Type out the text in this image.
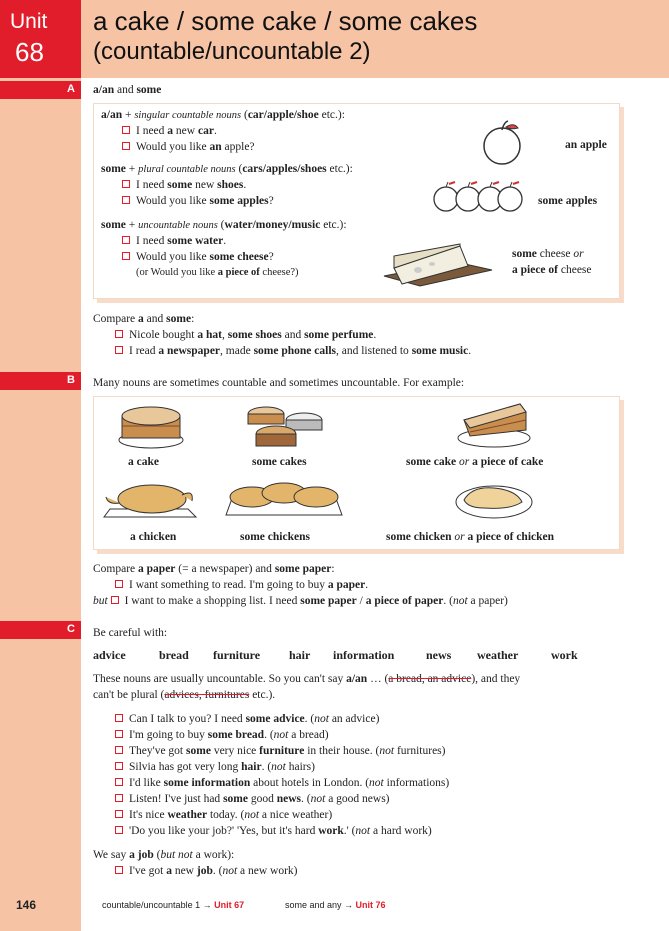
Unit
68
a cake / some cake / some cakes
(countable/uncountable 2)
A a/an and some
a/an + singular countable nouns (car/apple/shoe etc.):
I need a new car.
Would you like an apple?	an apple
some + plural countable nouns (cars/apples/shoes etc.):
I need some new shoes.
Would you like some apples?	some apples
some + uncountable nouns (water/money/music etc.):
I need some water.
Would you like some cheese?
(or Would you like a piece of cheese?)
some cheese or
a piece of cheese
Compare a and some:
Nicole bought a hat, some shoes and some perfume.
I read a newspaper, made some phone calls, and listened to some music.
B Many nouns are sometimes countable and sometimes uncountable. For example:
a cake	some cakes	some cake or a piece of cake
a chicken	some chickens	some chicken or a piece of chicken
Compare a paper (= a newspaper) and some paper:
I want something to read. I'm going to buy a paper.
but I want to make a shopping list. I need some paper / a piece of paper. (not a paper)
C Be careful with:
advice	bread furniture hair information	news weather	work
These nouns are usually uncountable. So you can't say a/an … (a bread, an advice), and they
can't be plural (advices, furnitures etc.).
Can I talk to you? I need some advice. (not an advice)
I'm going to buy some bread. (not a bread)
They've got some very nice furniture in their house. (not furnitures)
Silvia has got very long hair. (not hairs)
I'd like some information about hotels in London. (not informations)
Listen! I've just had some good news. (not a good news)
It's nice weather today. (not a nice weather)
'Do you like your job?' 'Yes, but it's hard work.' (not a hard work)
We say a job (but not a work):
I've got a new job. (not a new work)
146	countable/uncountable 1 → Unit 67	some and any → Unit 76
